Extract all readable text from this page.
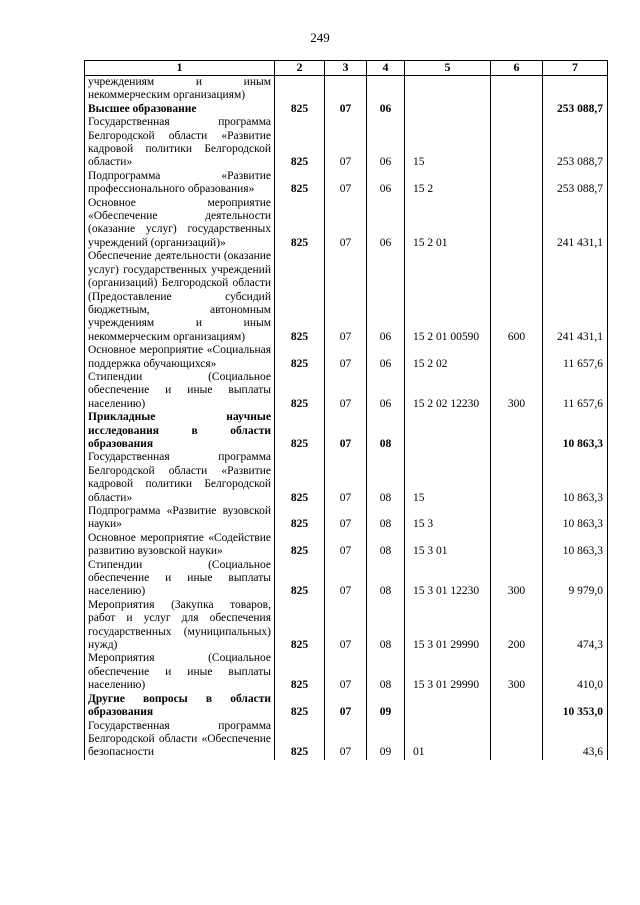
249
1	2	3	4	5	6	7
учреждениям и иным некоммерческим организациям)						
Высшее образование	825	07	06			253 088,7
Государственная программа Белгородской области «Развитие кадровой политики Белгородской области»	825	07	06	15		253 088,7
Подпрограмма «Развитие профессионального образования»	825	07	06	15 2		253 088,7
Основное мероприятие «Обеспечение деятельности (оказание услуг) государственных учреждений (организаций)»	825	07	06	15 2 01		241 431,1
Обеспечение деятельности (оказание услуг) государственных учреждений (организаций) Белгородской области (Предоставление субсидий бюджетным, автономным учреждениям и иным некоммерческим организациям)	825	07	06	15 2 01 00590	600	241 431,1
Основное мероприятие «Социальная поддержка обучающихся»	825	07	06	15 2 02		11 657,6
Стипендии (Социальное обеспечение и иные выплаты населению)	825	07	06	15 2 02 12230	300	11 657,6
Прикладные научные исследования в области образования	825	07	08			10 863,3
Государственная программа Белгородской области «Развитие кадровой политики Белгородской области»	825	07	08	15		10 863,3
Подпрограмма «Развитие вузовской науки»	825	07	08	15 3		10 863,3
Основное мероприятие «Содействие развитию вузовской науки»	825	07	08	15 3 01		10 863,3
Стипендии (Социальное обеспечение и иные выплаты населению)	825	07	08	15 3 01 12230	300	9 979,0
Мероприятия (Закупка товаров, работ и услуг для обеспечения государственных (муниципальных) нужд)	825	07	08	15 3 01 29990	200	474,3
Мероприятия (Социальное обеспечение и иные выплаты населению)	825	07	08	15 3 01 29990	300	410,0
Другие вопросы в области образования	825	07	09			10 353,0
Государственная программа Белгородской области «Обеспечение безопасности	825	07	09	01		43,6
